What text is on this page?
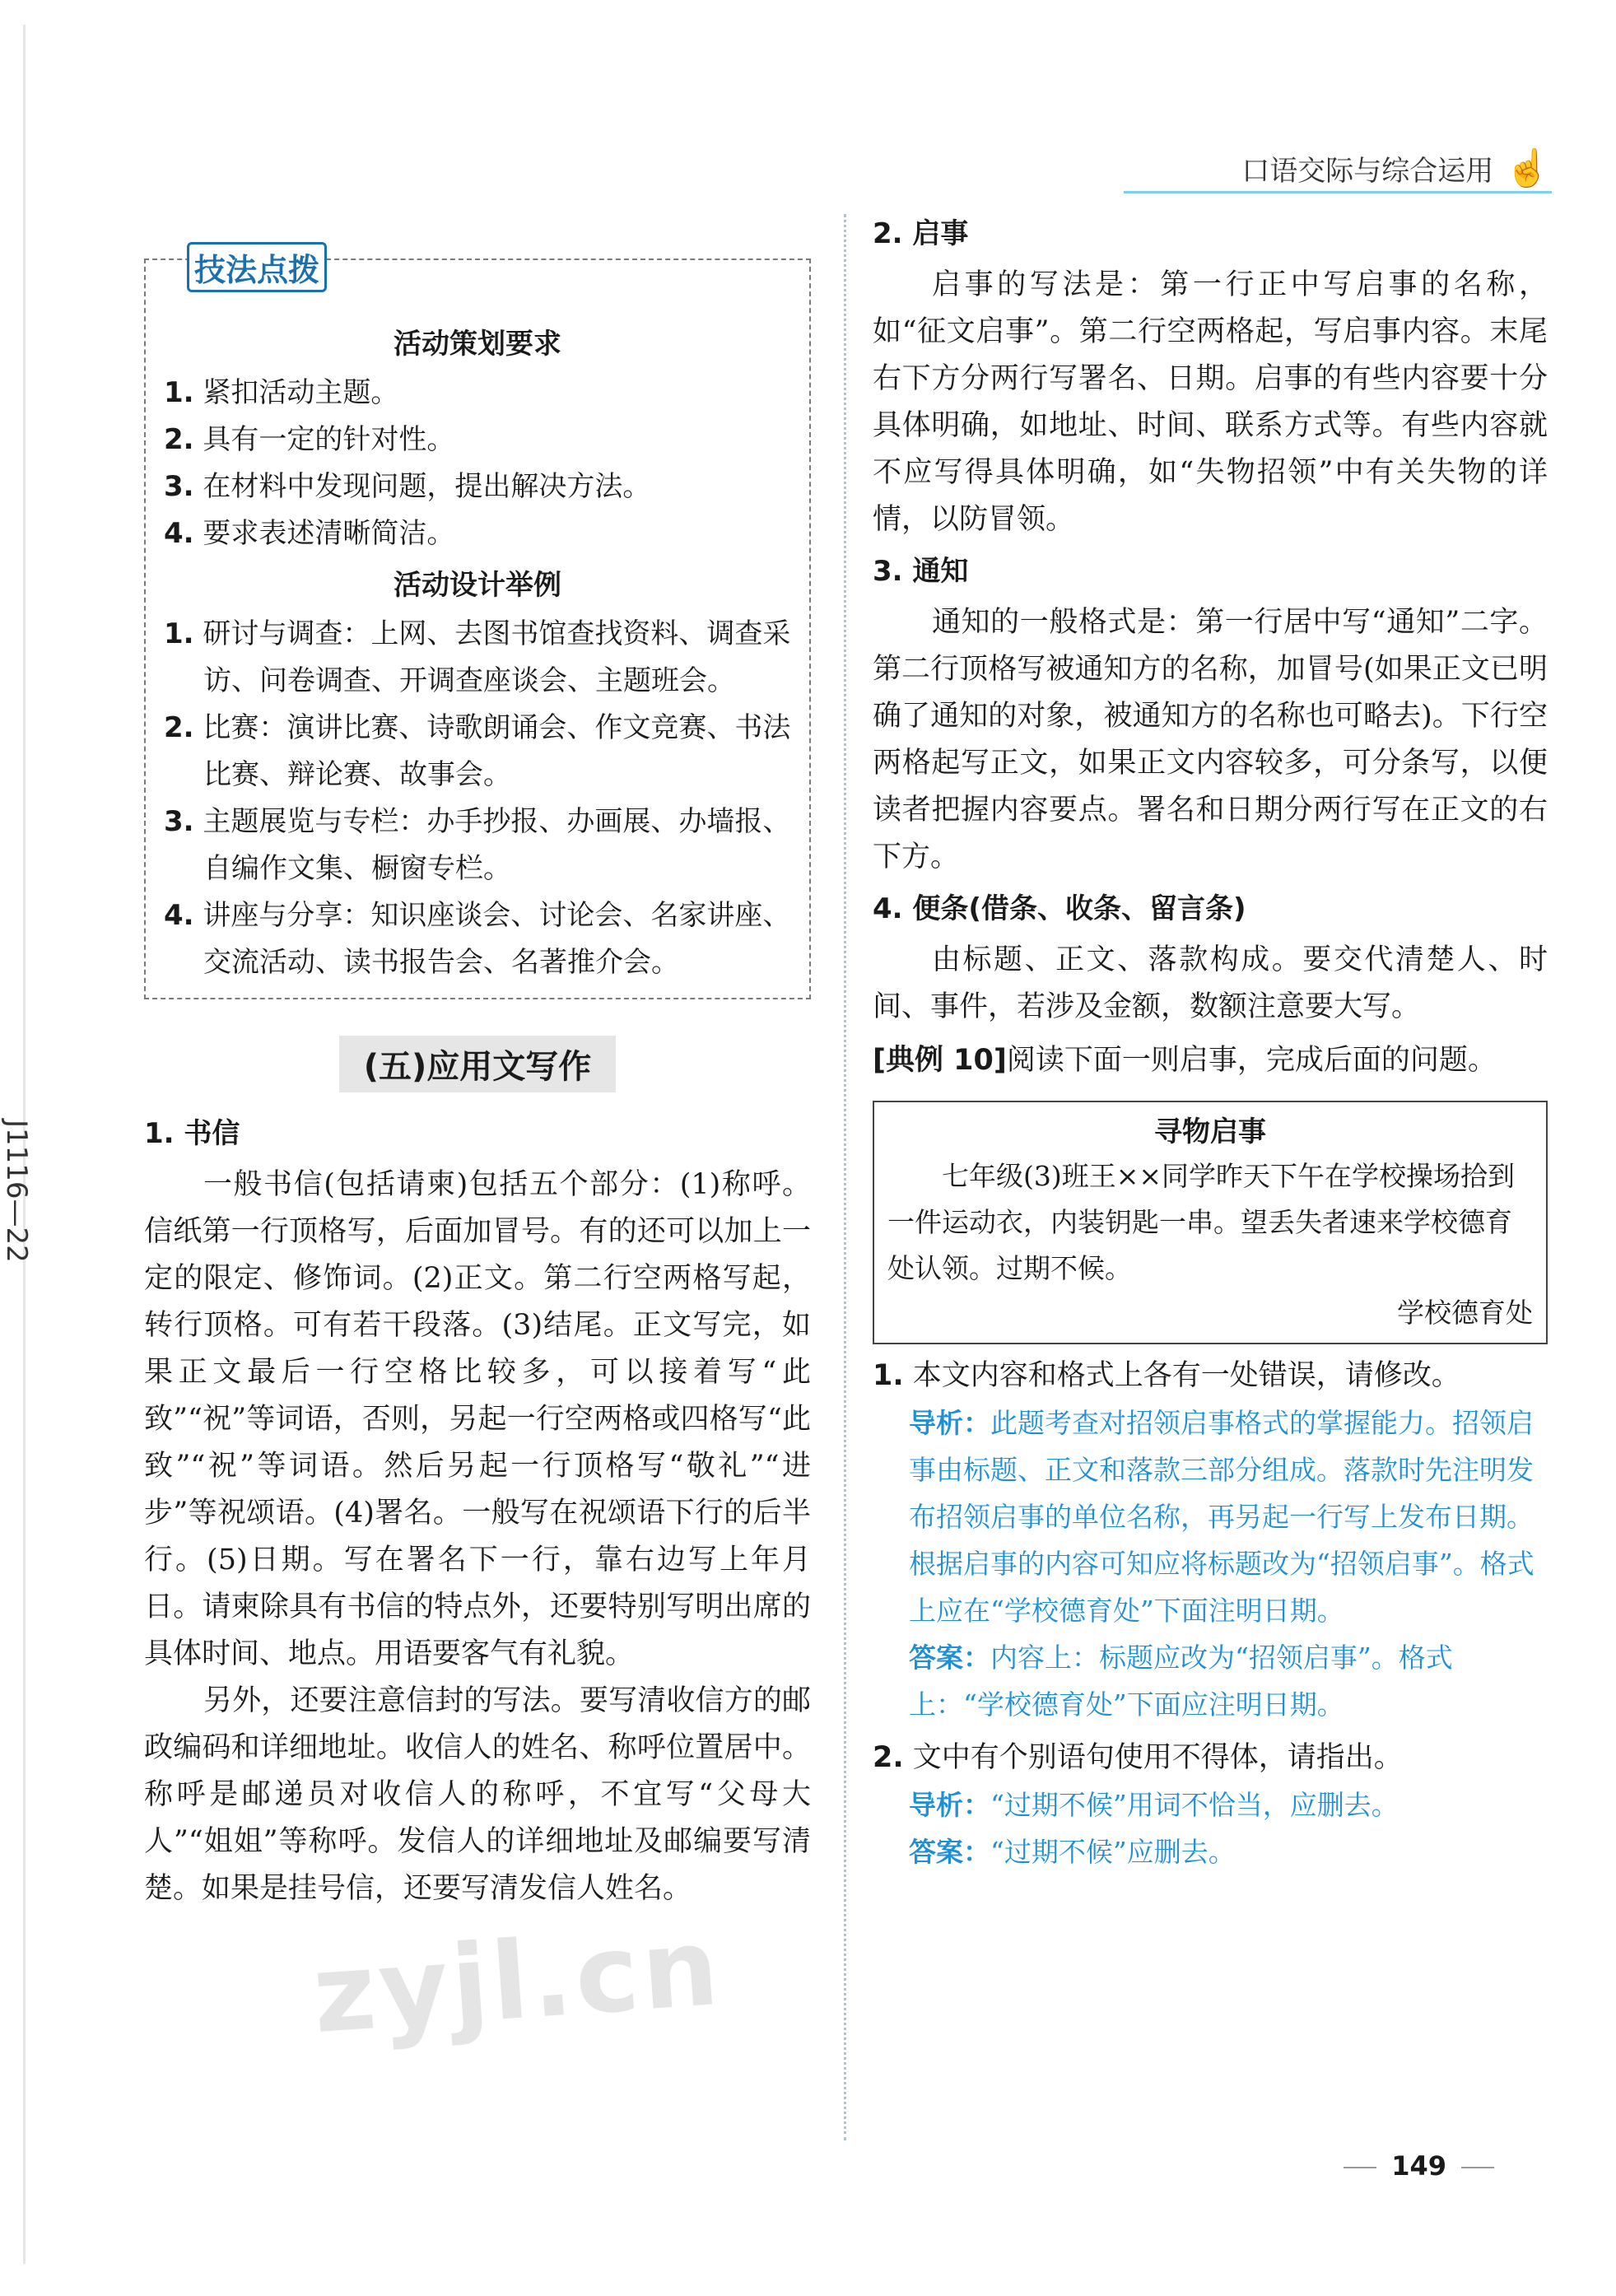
口语交际与综合运用 ☝
J1116—22
技法点拨
活动策划要求

1. 紧扣活动主题。

2. 具有一定的针对性。

3. 在材料中发现问题，提出解决方法。

4. 要求表述清晰简洁。

活动设计举例

1. 研讨与调查：上网、去图书馆查找资料、调查采访、问卷调查、开调查座谈会、主题班会。

2. 比赛：演讲比赛、诗歌朗诵会、作文竞赛、书法比赛、辩论赛、故事会。

3. 主题展览与专栏：办手抄报、办画展、办墙报、自编作文集、橱窗专栏。

4. 讲座与分享：知识座谈会、讨论会、名家讲座、交流活动、读书报告会、名著推介会。

(五)应用文写作
1. 书信

一般书信(包括请柬)包括五个部分：(1)称呼。信纸第一行顶格写，后面加冒号。有的还可以加上一定的限定、修饰词。(2)正文。第二行空两格写起，转行顶格。可有若干段落。(3)结尾。正文写完，如果正文最后一行空格比较多，可以接着写“此致”“祝”等词语，否则，另起一行空两格或四格写“此致”“祝”等词语。然后另起一行顶格写“敬礼”“进步”等祝颂语。(4)署名。一般写在祝颂语下行的后半行。(5)日期。写在署名下一行，靠右边写上年月日。请柬除具有书信的特点外，还要特别写明出席的具体时间、地点。用语要客气有礼貌。

另外，还要注意信封的写法。要写清收信方的邮政编码和详细地址。收信人的姓名、称呼位置居中。称呼是邮递员对收信人的称呼，不宜写“父母大人”“姐姐”等称呼。发信人的详细地址及邮编要写清楚。如果是挂号信，还要写清发信人姓名。

2. 启事

启事的写法是：第一行正中写启事的名称，如“征文启事”。第二行空两格起，写启事内容。末尾右下方分两行写署名、日期。启事的有些内容要十分具体明确，如地址、时间、联系方式等。有些内容就不应写得具体明确，如“失物招领”中有关失物的详情，以防冒领。

3. 通知

通知的一般格式是：第一行居中写“通知”二字。第二行顶格写被通知方的名称，加冒号(如果正文已明确了通知的对象，被通知方的名称也可略去)。下行空两格起写正文，如果正文内容较多，可分条写，以便读者把握内容要点。署名和日期分两行写在正文的右下方。

4. 便条(借条、收条、留言条)

由标题、正文、落款构成。要交代清楚人、时间、事件，若涉及金额，数额注意要大写。

[典例 10]阅读下面一则启事，完成后面的问题。

寻物启事

七年级(3)班王××同学昨天下午在学校操场拾到一件运动衣，内装钥匙一串。望丢失者速来学校德育处认领。过期不候。

学校德育处

1. 本文内容和格式上各有一处错误，请修改。

导析：此题考查对招领启事格式的掌握能力。招领启事由标题、正文和落款三部分组成。落款时先注明发布招领启事的单位名称，再另起一行写上发布日期。根据启事的内容可知应将标题改为“招领启事”。格式上应在“学校德育处”下面注明日期。

答案：内容上：标题应改为“招领启事”。格式上：“学校德育处”下面应注明日期。

2. 文中有个别语句使用不得体，请指出。

导析：“过期不候”用词不恰当，应删去。

答案：“过期不候”应删去。

zyjl.cn
149
